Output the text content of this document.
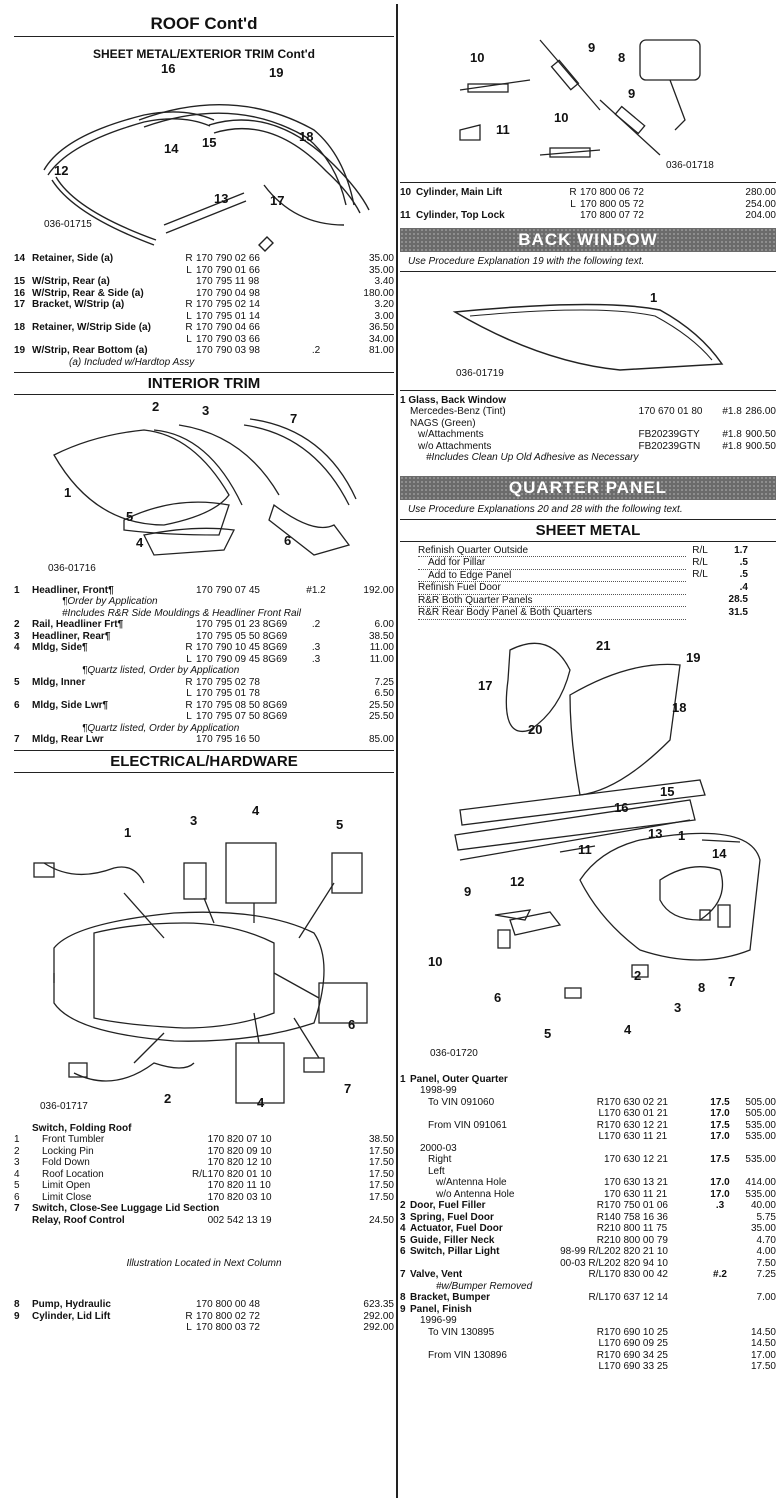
ROOF Cont'd
SHEET METAL/EXTERIOR TRIM Cont'd
16	19
15
14
18
12
13	17
036-01715
14	Retainer, Side (a)	R	170 790 02 66		35.00
		L	170 790 01 66		35.00
15	W/Strip, Rear (a)		170 795 11 98		3.40
16	W/Strip, Rear & Side (a)		170 790 04 98		180.00
17	Bracket, W/Strip (a)	R	170 795 02 14		3.20
		L	170 795 01 14		3.00
18	Retainer, W/Strip Side (a)	R	170 790 04 66		36.50
		L	170 790 03 66		34.00
19	W/Strip, Rear Bottom (a)		170 790 03 98	.2	81.00
(a) Included w/Hardtop Assy
INTERIOR TRIM
2	3
7
1
5
4	6
036-01716
1	Headliner, Front¶		170 790 07 45	#1.2	192.00
	¶Order by Application				
	#Includes R&R Side Mouldings & Headliner Front Rail				
2	Rail, Headliner Frt¶		170 795 01 23 8G69	.2	6.00
3	Headliner, Rear¶		170 795 05 50 8G69		38.50
4	Mldg, Side¶	R	170 790 10 45 8G69	.3	11.00
		L	170 790 09 45 8G69	.3	11.00
	¶Quartz listed, Order by Application				
5	Mldg, Inner	R	170 795 02 78		7.25
		L	170 795 01 78		6.50
6	Mldg, Side Lwr¶	R	170 795 08 50 8G69		25.50
		L	170 795 07 50 8G69		25.50
	¶Quartz listed, Order by Application				
7	Mldg, Rear Lwr		170 795 16 50		85.00
ELECTRICAL/HARDWARE
1
3
4
5
6
2	4
7
036-01717
	Switch, Folding Roof				
1	Front Tumbler		170 820 07 10		38.50
2	Locking Pin		170 820 09 10		17.50
3	Fold Down		170 820 12 10		17.50
4	Roof Location	R/L	170 820 01 10		17.50
5	Limit Open		170 820 11 10		17.50
6	Limit Close		170 820 03 10		17.50
7	Switch, Close-See Luggage Lid Section				
	Relay, Roof Control		002 542 13 19		24.50
Illustration Located in Next Column
8	Pump, Hydraulic		170 800 00 48		623.35
9	Cylinder, Lid Lift	R	170 800 02 72		292.00
		L	170 800 03 72		292.00
9
10	8
9
11
10
036-01718
10	Cylinder, Main Lift	R	170 800 06 72	280.00
		L	170 800 05 72	254.00
11	Cylinder, Top Lock		170 800 07 72	204.00
BACK WINDOW
Use Procedure Explanation 19 with the following text.
1
036-01719
1 Glass, Back Window			
Mercedes-Benz (Tint)	170 670 01 80	#1.8	286.00
NAGS (Green)			
w/Attachments	FB20239GTY	#1.8	900.50
w/o Attachments	FB20239GTN	#1.8	900.50
#Includes Clean Up Old Adhesive as Necessary			
QUARTER PANEL
Use Procedure Explanations 20 and 28 with the following text.
SHEET METAL
Refinish Quarter Outside	R/L	1.7
Add for Pillar	R/L	.5
Add to Edge Panel	R/L	.5
Refinish Fuel Door		.4
R&R Both Quarter Panels		28.5
R&R Rear Body Panel & Both Quarters		31.5
21
19
17
20
18
15
16
13 1
11	14
12
9
10
6
2
3
8 7
5	4
036-01720
1	Panel, Outer Quarter				
	1998-99				
	To VIN 091060	R	170 630 02 21	17.5	505.00
		L	170 630 01 21	17.0	505.00
	From VIN 091061	R	170 630 12 21	17.5	535.00
		L	170 630 11 21	17.0	535.00
	2000-03				
	Right		170 630 12 21	17.5	535.00
	Left				
	w/Antenna Hole		170 630 13 21	17.0	414.00
	w/o Antenna Hole		170 630 11 21	17.0	535.00
2	Door, Fuel Filler	R	170 750 01 06	.3	40.00
3	Spring, Fuel Door	R	140 758 16 36		5.75
4	Actuator, Fuel Door	R	210 800 11 75		35.00
5	Guide, Filler Neck	R	210 800 00 79		4.70
6	Switch, Pillar Light	98-99 R/L	202 820 21 10		4.00
		00-03 R/L	202 820 94 10		7.50
7	Valve, Vent	R/L	170 830 00 42	#.2	7.25
	#w/Bumper Removed				
8	Bracket, Bumper	R/L	170 637 12 14		7.00
9	Panel, Finish				
	1996-99				
	To VIN 130895	R	170 690 10 25		14.50
		L	170 690 09 25		14.50
	From VIN 130896	R	170 690 34 25		17.00
		L	170 690 33 25		17.50
